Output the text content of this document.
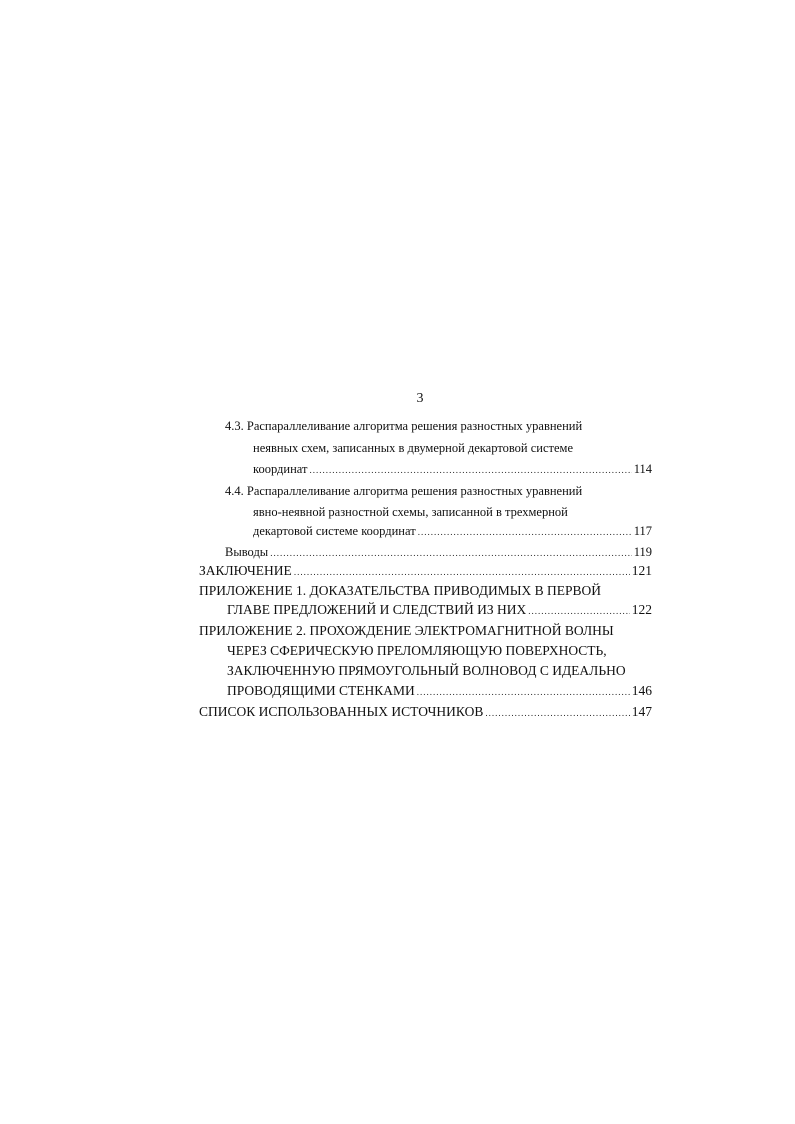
3
4.3. Распараллеливание алгоритма решения разностных уравнений
неявных схем, записанных в двумерной декартовой системе
координат .....	114
4.4. Распараллеливание алгоритма решения разностных уравнений
явно-неявной разностной схемы, записанной в трехмерной
декартовой системе координат .....	117
Выводы .....	119
ЗАКЛЮЧЕНИЕ .....	121
ПРИЛОЖЕНИЕ 1. ДОКАЗАТЕЛЬСТВА ПРИВОДИМЫХ В ПЕРВОЙ
ГЛАВЕ ПРЕДЛОЖЕНИЙ И СЛЕДСТВИЙ ИЗ НИХ .....	122
ПРИЛОЖЕНИЕ 2. ПРОХОЖДЕНИЕ ЭЛЕКТРОМАГНИТНОЙ ВОЛНЫ
ЧЕРЕЗ СФЕРИЧЕСКУЮ ПРЕЛОМЛЯЮЩУЮ ПОВЕРХНОСТЬ,
ЗАКЛЮЧЕННУЮ ПРЯМОУГОЛЬНЫЙ ВОЛНОВОД С ИДЕАЛЬНО
ПРОВОДЯЩИМИ СТЕНКАМИ .....	146
СПИСОК ИСПОЛЬЗОВАННЫХ ИСТОЧНИКОВ .....	147
